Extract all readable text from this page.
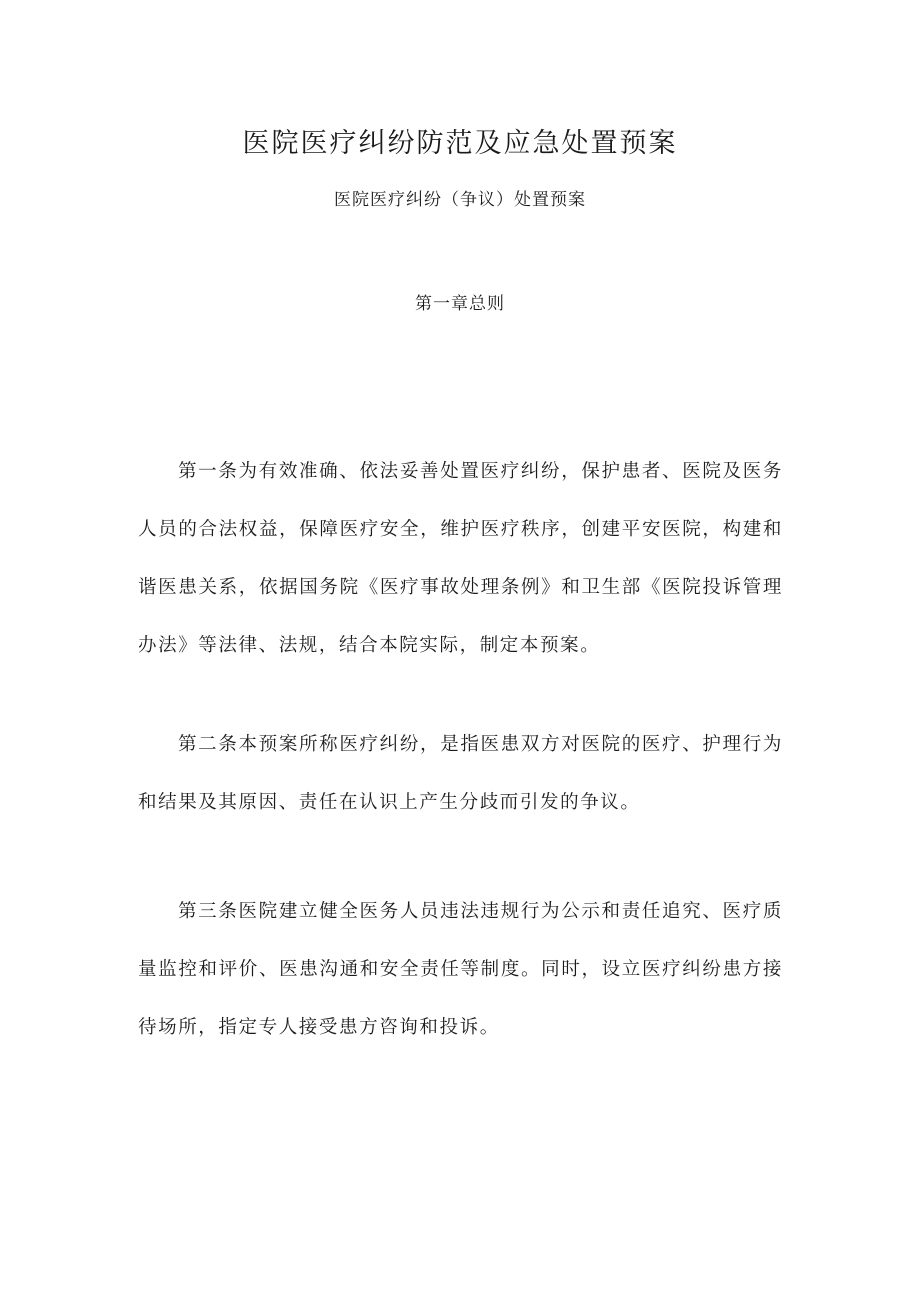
医院医疗纠纷防范及应急处置预案
医院医疗纠纷（争议）处置预案
第一章总则

第一条为有效准确、依法妥善处置医疗纠纷，保护患者、医院及医务人员的合法权益，保障医疗安全，维护医疗秩序，创建平安医院，构建和谐医患关系，依据国务院《医疗事故处理条例》和卫生部《医院投诉管理办法》等法律、法规，结合本院实际，制定本预案。

第二条本预案所称医疗纠纷，是指医患双方对医院的医疗、护理行为和结果及其原因、责任在认识上产生分歧而引发的争议。

第三条医院建立健全医务人员违法违规行为公示和责任追究、医疗质量监控和评价、医患沟通和安全责任等制度。同时，设立医疗纠纷患方接待场所，指定专人接受患方咨询和投诉。
